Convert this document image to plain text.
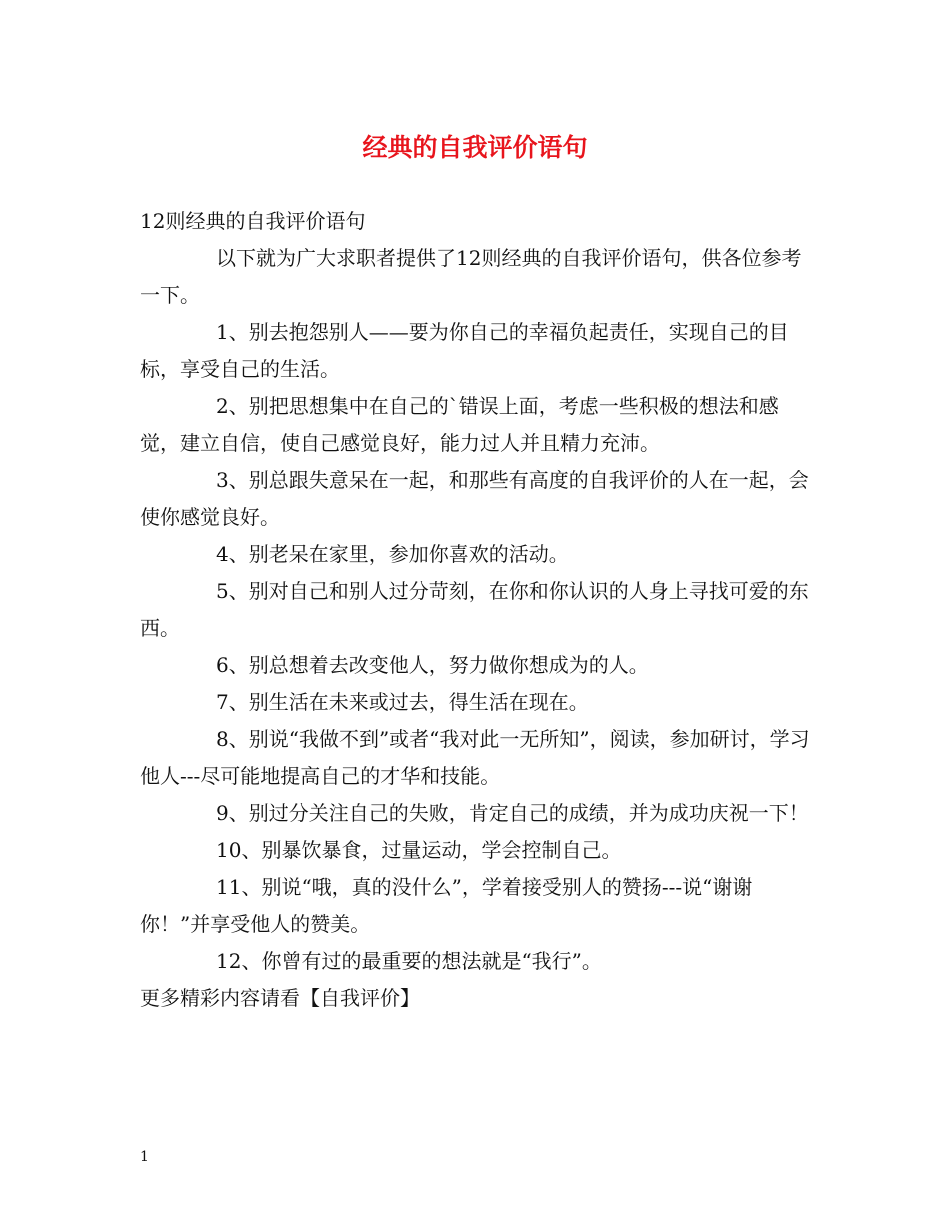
经典的自我评价语句

12则经典的自我评价语句

以下就为广大求职者提供了12则经典的自我评价语句，供各位参考一下。

1、别去抱怨别人——要为你自己的幸福负起责任，实现自己的目标，享受自己的生活。

2、别把思想集中在自己的`错误上面，考虑一些积极的想法和感觉，建立自信，使自己感觉良好，能力过人并且精力充沛。

3、别总跟失意呆在一起，和那些有高度的自我评价的人在一起，会使你感觉良好。

4、别老呆在家里，参加你喜欢的活动。

5、别对自己和别人过分苛刻，在你和你认识的人身上寻找可爱的东西。

6、别总想着去改变他人，努力做你想成为的人。

7、别生活在未来或过去，得生活在现在。

8、别说“我做不到”或者“我对此一无所知”，阅读，参加研讨，学习他人---尽可能地提高自己的才华和技能。

9、别过分关注自己的失败，肯定自己的成绩，并为成功庆祝一下！

10、别暴饮暴食，过量运动，学会控制自己。

11、别说“哦，真的没什么”，学着接受别人的赞扬---说“谢谢你！”并享受他人的赞美。

12、你曾有过的最重要的想法就是“我行”。

更多精彩内容请看【自我评价】

1
